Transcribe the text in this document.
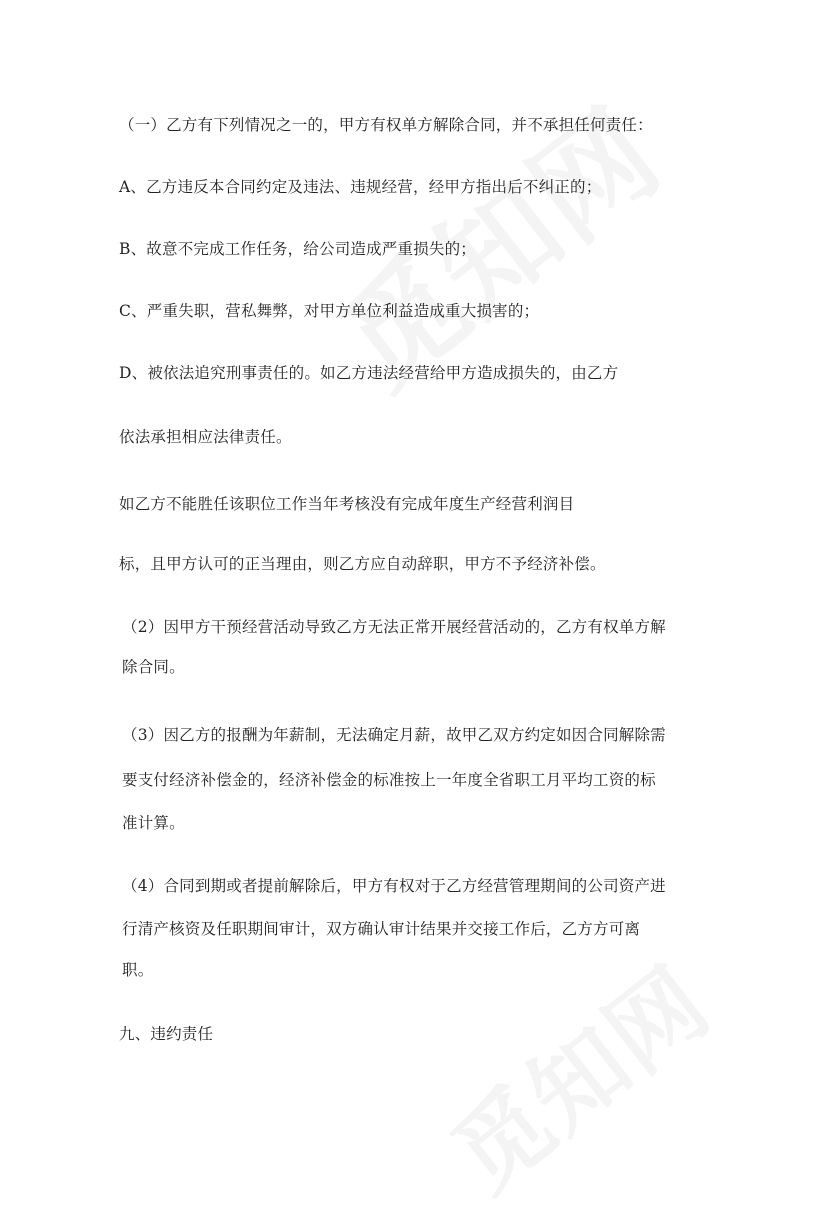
（一）乙方有下列情况之一的，甲方有权单方解除合同，并不承担任何责任：
A、乙方违反本合同约定及违法、违规经营，经甲方指出后不纠正的；
B、故意不完成工作任务，给公司造成严重损失的；
C、严重失职，营私舞弊，对甲方单位利益造成重大损害的；
D、被依法追究刑事责任的。如乙方违法经营给甲方造成损失的，由乙方
依法承担相应法律责任。
如乙方不能胜任该职位工作当年考核没有完成年度生产经营利润目
标，且甲方认可的正当理由，则乙方应自动辞职，甲方不予经济补偿。
（2）因甲方干预经营活动导致乙方无法正常开展经营活动的，乙方有权单方解
除合同。
（3）因乙方的报酬为年薪制，无法确定月薪，故甲乙双方约定如因合同解除需
要支付经济补偿金的，经济补偿金的标准按上一年度全省职工月平均工资的标
准计算。
（4）合同到期或者提前解除后，甲方有权对于乙方经营管理期间的公司资产进
行清产核资及任职期间审计，双方确认审计结果并交接工作后，乙方方可离
职。
九、违约责任
